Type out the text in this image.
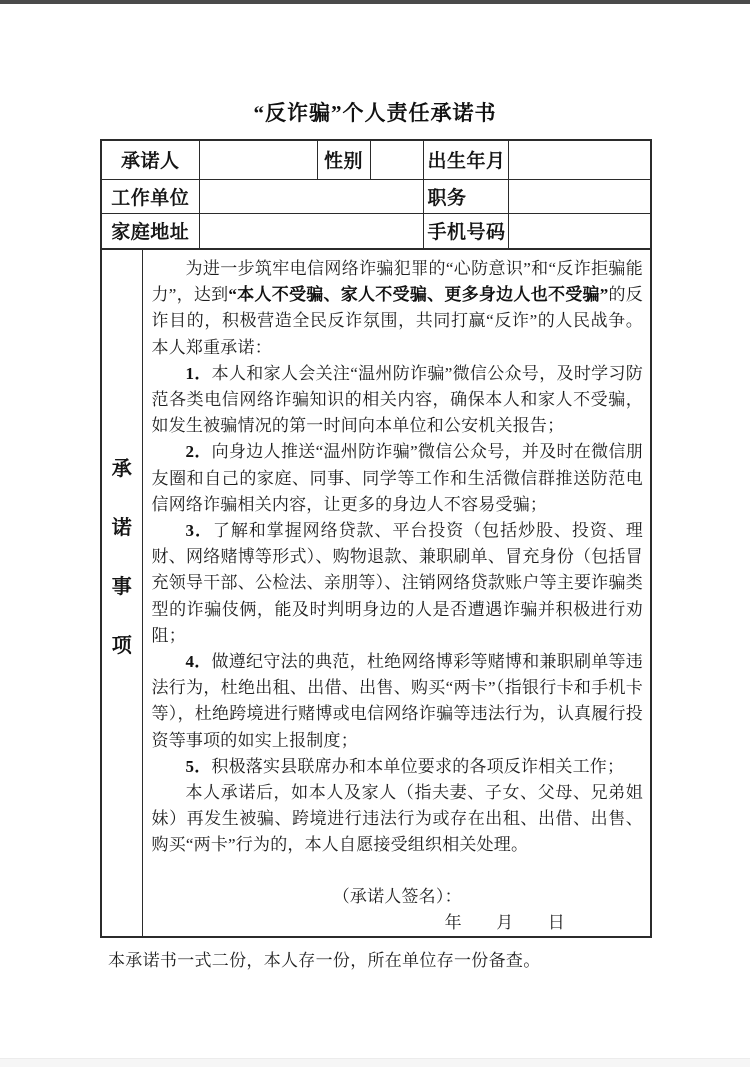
“反诈骗”个人责任承诺书
承诺人		性别		出生年月	
工作单位				职务	
家庭地址				手机号码	
承
诺
事
项

为进一步筑牢电信网络诈骗犯罪的“心防意识”和“反诈拒骗能力”，达到“本人不受骗、家人不受骗、更多身边人也不受骗”的反诈目的，积极营造全民反诈氛围，共同打赢“反诈”的人民战争。本人郑重承诺：

1．本人和家人会关注“温州防诈骗”微信公众号，及时学习防范各类电信网络诈骗知识的相关内容，确保本人和家人不受骗，如发生被骗情况的第一时间向本单位和公安机关报告；

2．向身边人推送“温州防诈骗”微信公众号，并及时在微信朋友圈和自己的家庭、同事、同学等工作和生活微信群推送防范电信网络诈骗相关内容，让更多的身边人不容易受骗；

3．了解和掌握网络贷款、平台投资（包括炒股、投资、理财、网络赌博等形式）、购物退款、兼职刷单、冒充身份（包括冒充领导干部、公检法、亲朋等）、注销网络贷款账户等主要诈骗类型的诈骗伎俩，能及时判明身边的人是否遭遇诈骗并积极进行劝阻；

4．做遵纪守法的典范，杜绝网络博彩等赌博和兼职刷单等违法行为，杜绝出租、出借、出售、购买“两卡”（指银行卡和手机卡等），杜绝跨境进行赌博或电信网络诈骗等违法行为，认真履行投资等事项的如实上报制度；

5．积极落实县联席办和本单位要求的各项反诈相关工作；

本人承诺后，如本人及家人（指夫妻、子女、父母、兄弟姐妹）再发生被骗、跨境进行违法行为或存在出租、出借、出售、购买“两卡”行为的，本人自愿接受组织相关处理。

（承诺人签名）：
年　　月　　日
本承诺书一式二份，本人存一份，所在单位存一份备查。
